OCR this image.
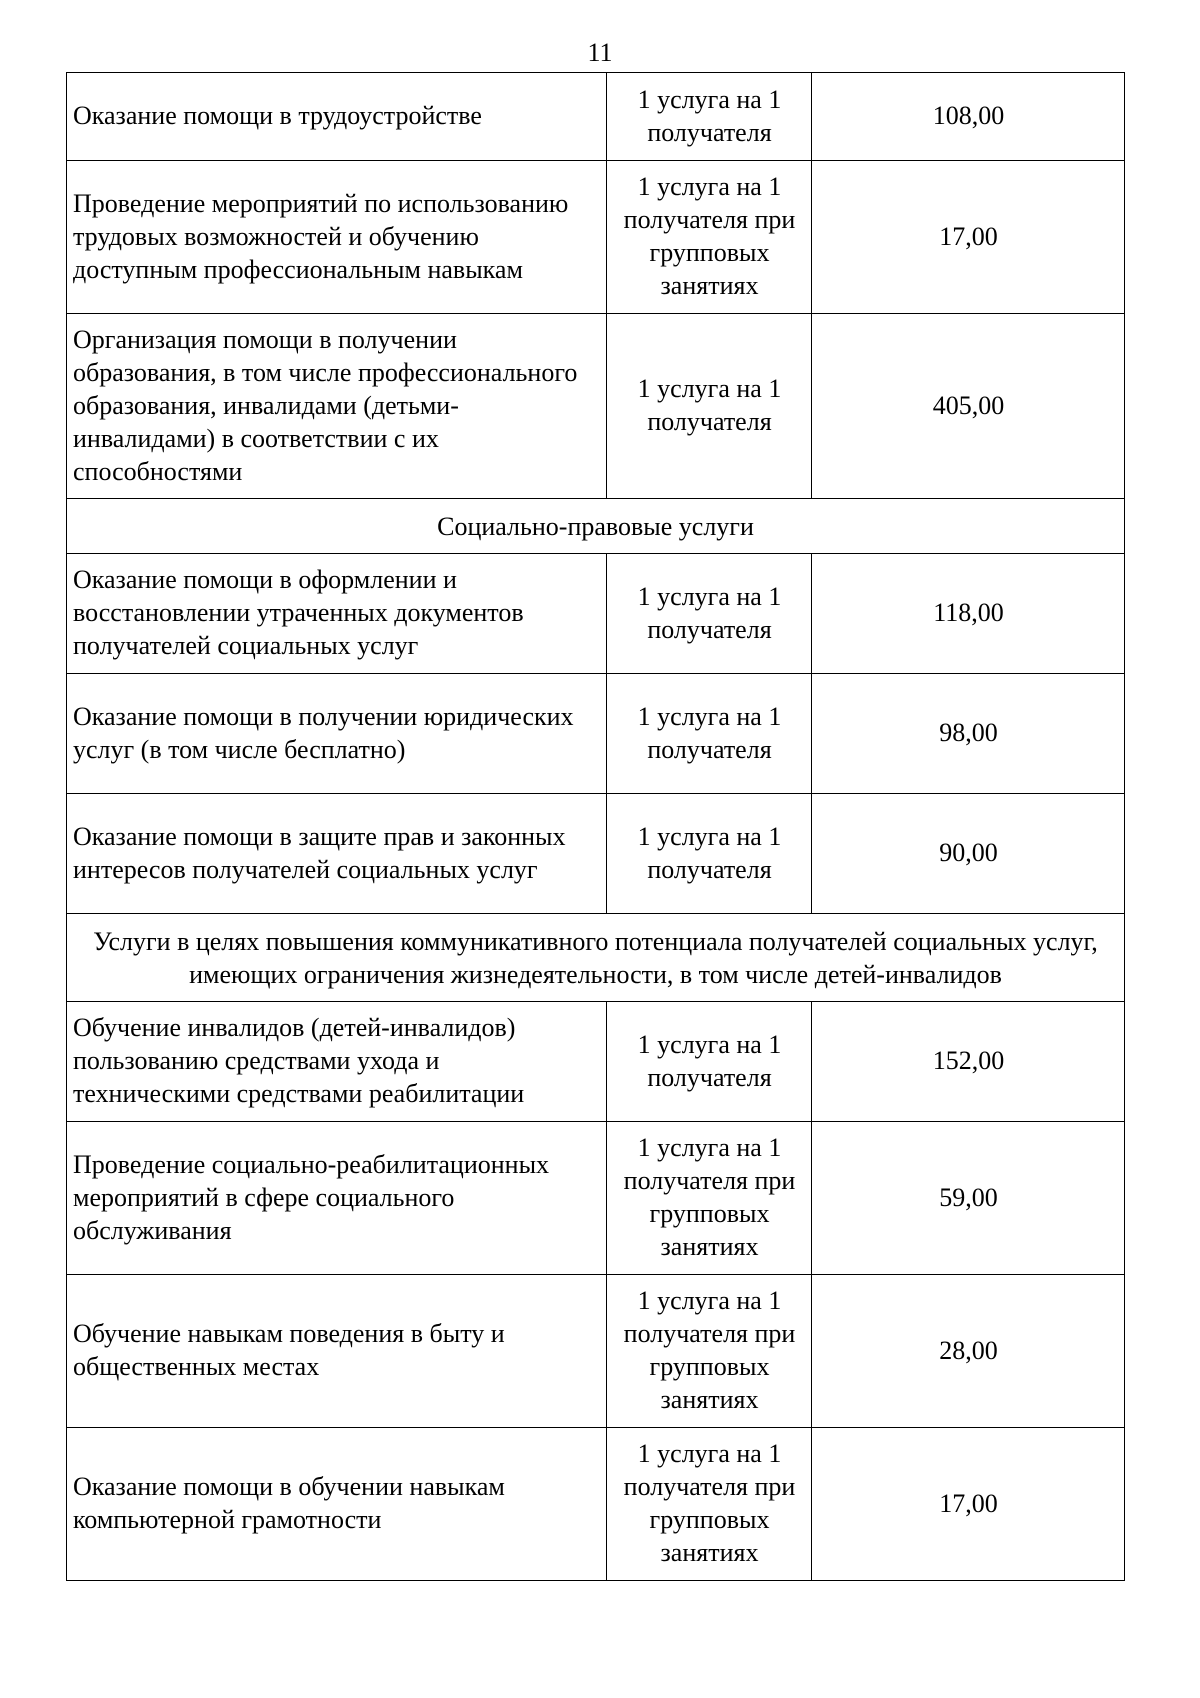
11
Оказание помощи в трудоустройстве	1 услуга на 1 получателя	108,00
Проведение мероприятий по использованию трудовых возможностей и обучению доступным профессиональным навыкам	1 услуга на 1 получателя при групповых занятиях	17,00
Организация помощи в получении образования, в том числе профессионального образования, инвалидами (детьми-инвалидами) в соответствии с их способностями	1 услуга на 1 получателя	405,00
Социально-правовые услуги		
Оказание помощи в оформлении и восстановлении утраченных документов получателей социальных услуг	1 услуга на 1 получателя	118,00
Оказание помощи в получении юридических услуг (в том числе бесплатно)	1 услуга на 1 получателя	98,00
Оказание помощи в защите прав и законных интересов получателей социальных услуг	1 услуга на 1 получателя	90,00
Услуги в целях повышения коммуникативного потенциала получателей социальных услуг, имеющих ограничения жизнедеятельности, в том числе детей-инвалидов		
Обучение инвалидов (детей-инвалидов) пользованию средствами ухода и техническими средствами реабилитации	1 услуга на 1 получателя	152,00
Проведение социально-реабилитационных мероприятий в сфере социального обслуживания	1 услуга на 1 получателя при групповых занятиях	59,00
Обучение навыкам поведения в быту и общественных местах	1 услуга на 1 получателя при групповых занятиях	28,00
Оказание помощи в обучении навыкам компьютерной грамотности	1 услуга на 1 получателя при групповых занятиях	17,00
